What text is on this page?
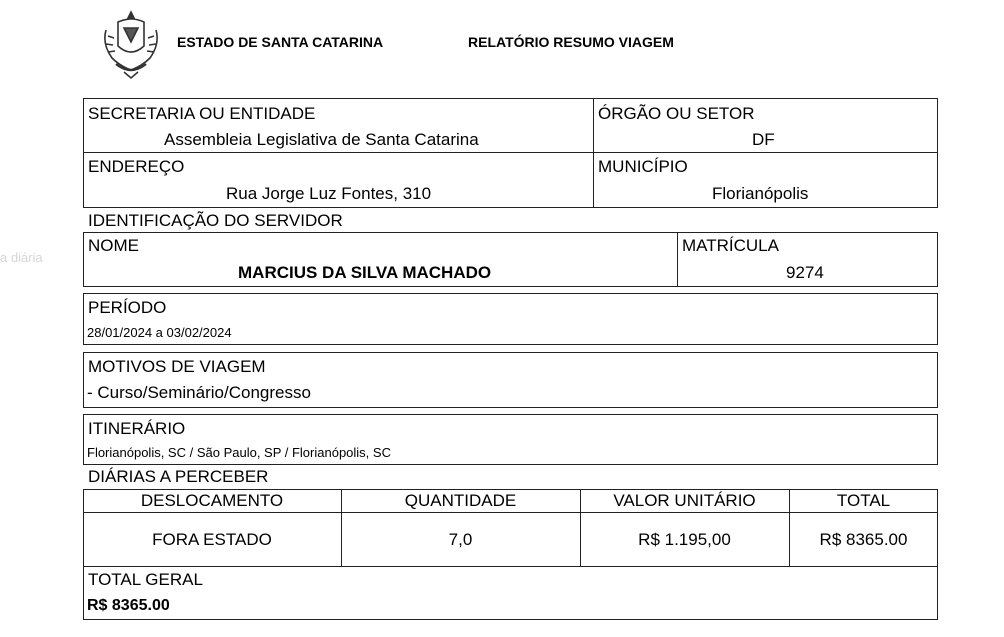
a diária
ESTADO DE SANTA CATARINA	RELATÓRIO RESUMO VIAGEM
SECRETARIA OU ENTIDADE
Assembleia Legislativa de Santa Catarina
ÓRGÃO OU SETOR
DF
ENDEREÇO
Rua Jorge Luz Fontes, 310
MUNICÍPIO
Florianópolis
IDENTIFICAÇÃO DO SERVIDOR
NOME
MARCIUS DA SILVA MACHADO
MATRÍCULA
9274
PERÍODO
28/01/2024 a 03/02/2024
MOTIVOS DE VIAGEM
- Curso/Seminário/Congresso
ITINERÁRIO
Florianópolis, SC / São Paulo, SP / Florianópolis, SC
DIÁRIAS A PERCEBER
DESLOCAMENTO	QUANTIDADE	VALOR UNITÁRIO	TOTAL
FORA ESTADO	7,0	R$ 1.195,00	R$ 8365.00
TOTAL GERAL
R$ 8365.00
